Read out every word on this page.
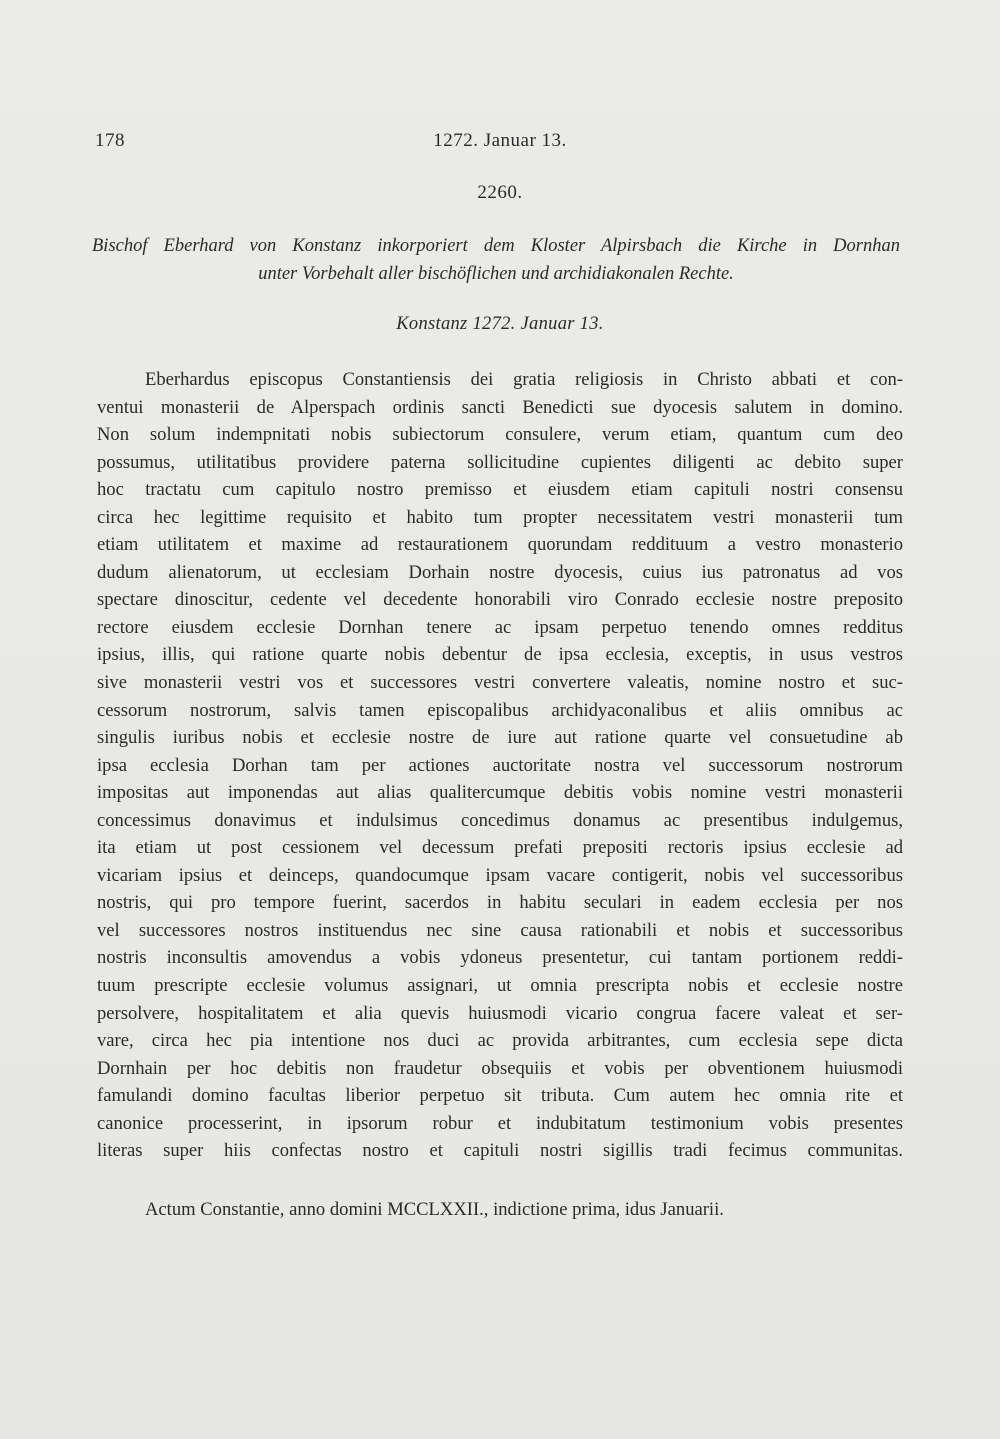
178	1272. Januar 13.
2260.
Bischof Eberhard von Konstanz inkorporiert dem Kloster Alpirsbach die Kirche in Dornhan
unter Vorbehalt aller bischöflichen und archidiakonalen Rechte.
Konstanz 1272. Januar 13.
Eberhardus episcopus Constantiensis dei gratia religiosis in Christo abbati et con-
ventui monasterii de Alperspach ordinis sancti Benedicti sue dyocesis salutem in domino.
Non solum indempnitati nobis subiectorum consulere, verum etiam, quantum cum deo
possumus, utilitatibus providere paterna sollicitudine cupientes diligenti ac debito super
hoc tractatu cum capitulo nostro premisso et eiusdem etiam capituli nostri consensu
circa hec legittime requisito et habito tum propter necessitatem vestri monasterii tum
etiam utilitatem et maxime ad restaurationem quorundam reddituum a vestro monasterio
dudum alienatorum, ut ecclesiam Dorhain nostre dyocesis, cuius ius patronatus ad vos
spectare dinoscitur, cedente vel decedente honorabili viro Conrado ecclesie nostre preposito
rectore eiusdem ecclesie Dornhan tenere ac ipsam perpetuo tenendo omnes redditus
ipsius, illis, qui ratione quarte nobis debentur de ipsa ecclesia, exceptis, in usus vestros
sive monasterii vestri vos et successores vestri convertere valeatis, nomine nostro et suc-
cessorum nostrorum, salvis tamen episcopalibus archidyaconalibus et aliis omnibus ac
singulis iuribus nobis et ecclesie nostre de iure aut ratione quarte vel consuetudine ab
ipsa ecclesia Dorhan tam per actiones auctoritate nostra vel successorum nostrorum
impositas aut imponendas aut alias qualitercumque debitis vobis nomine vestri monasterii
concessimus donavimus et indulsimus concedimus donamus ac presentibus indulgemus,
ita etiam ut post cessionem vel decessum prefati prepositi rectoris ipsius ecclesie ad
vicariam ipsius et deinceps, quandocumque ipsam vacare contigerit, nobis vel successoribus
nostris, qui pro tempore fuerint, sacerdos in habitu seculari in eadem ecclesia per nos
vel successores nostros instituendus nec sine causa rationabili et nobis et successoribus
nostris inconsultis amovendus a vobis ydoneus presentetur, cui tantam portionem reddi-
tuum prescripte ecclesie volumus assignari, ut omnia prescripta nobis et ecclesie nostre
persolvere, hospitalitatem et alia quevis huiusmodi vicario congrua facere valeat et ser-
vare, circa hec pia intentione nos duci ac provida arbitrantes, cum ecclesia sepe dicta
Dornhain per hoc debitis non fraudetur obsequiis et vobis per obventionem huiusmodi
famulandi domino facultas liberior perpetuo sit tributa. Cum autem hec omnia rite et
canonice processerint, in ipsorum robur et indubitatum testimonium vobis presentes
literas super hiis confectas nostro et capituli nostri sigillis tradi fecimus communitas.
Actum Constantie, anno domini MCCLXXII., indictione prima, idus Januarii.
